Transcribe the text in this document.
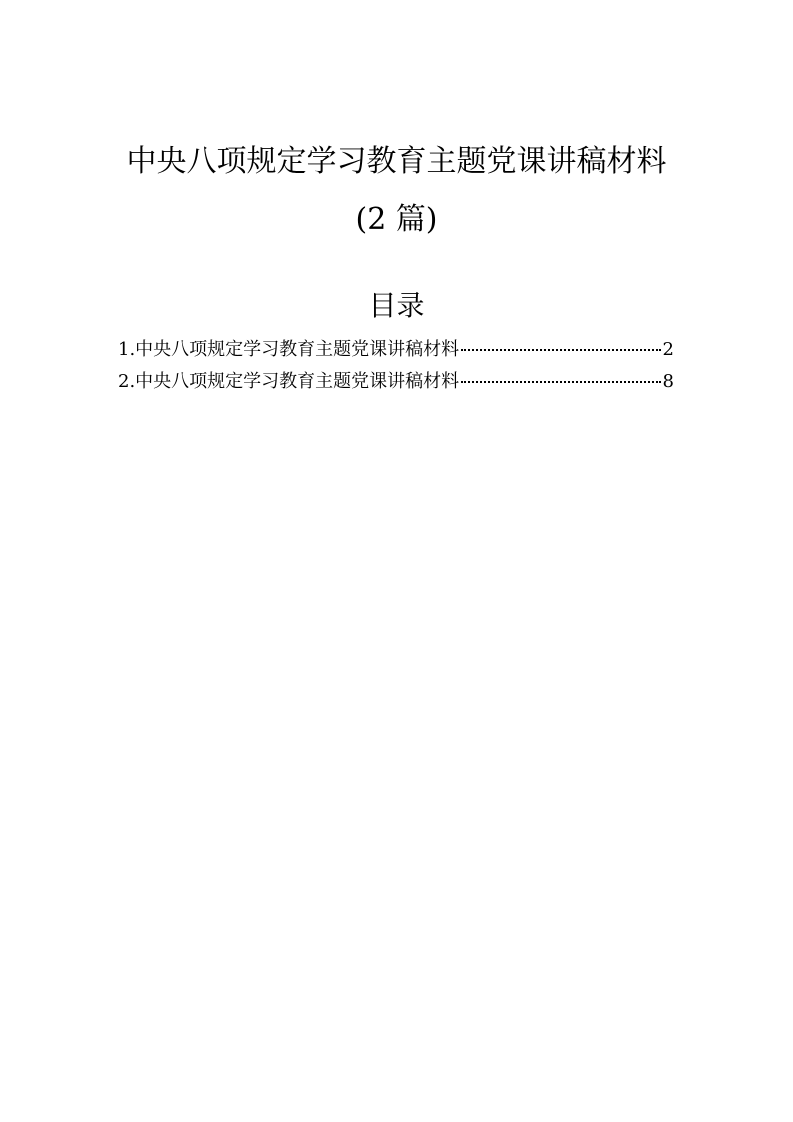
中央八项规定学习教育主题党课讲稿材料
(2 篇)
目录
1.中央八项规定学习教育主题党课讲稿材料	2
2.中央八项规定学习教育主题党课讲稿材料	8
